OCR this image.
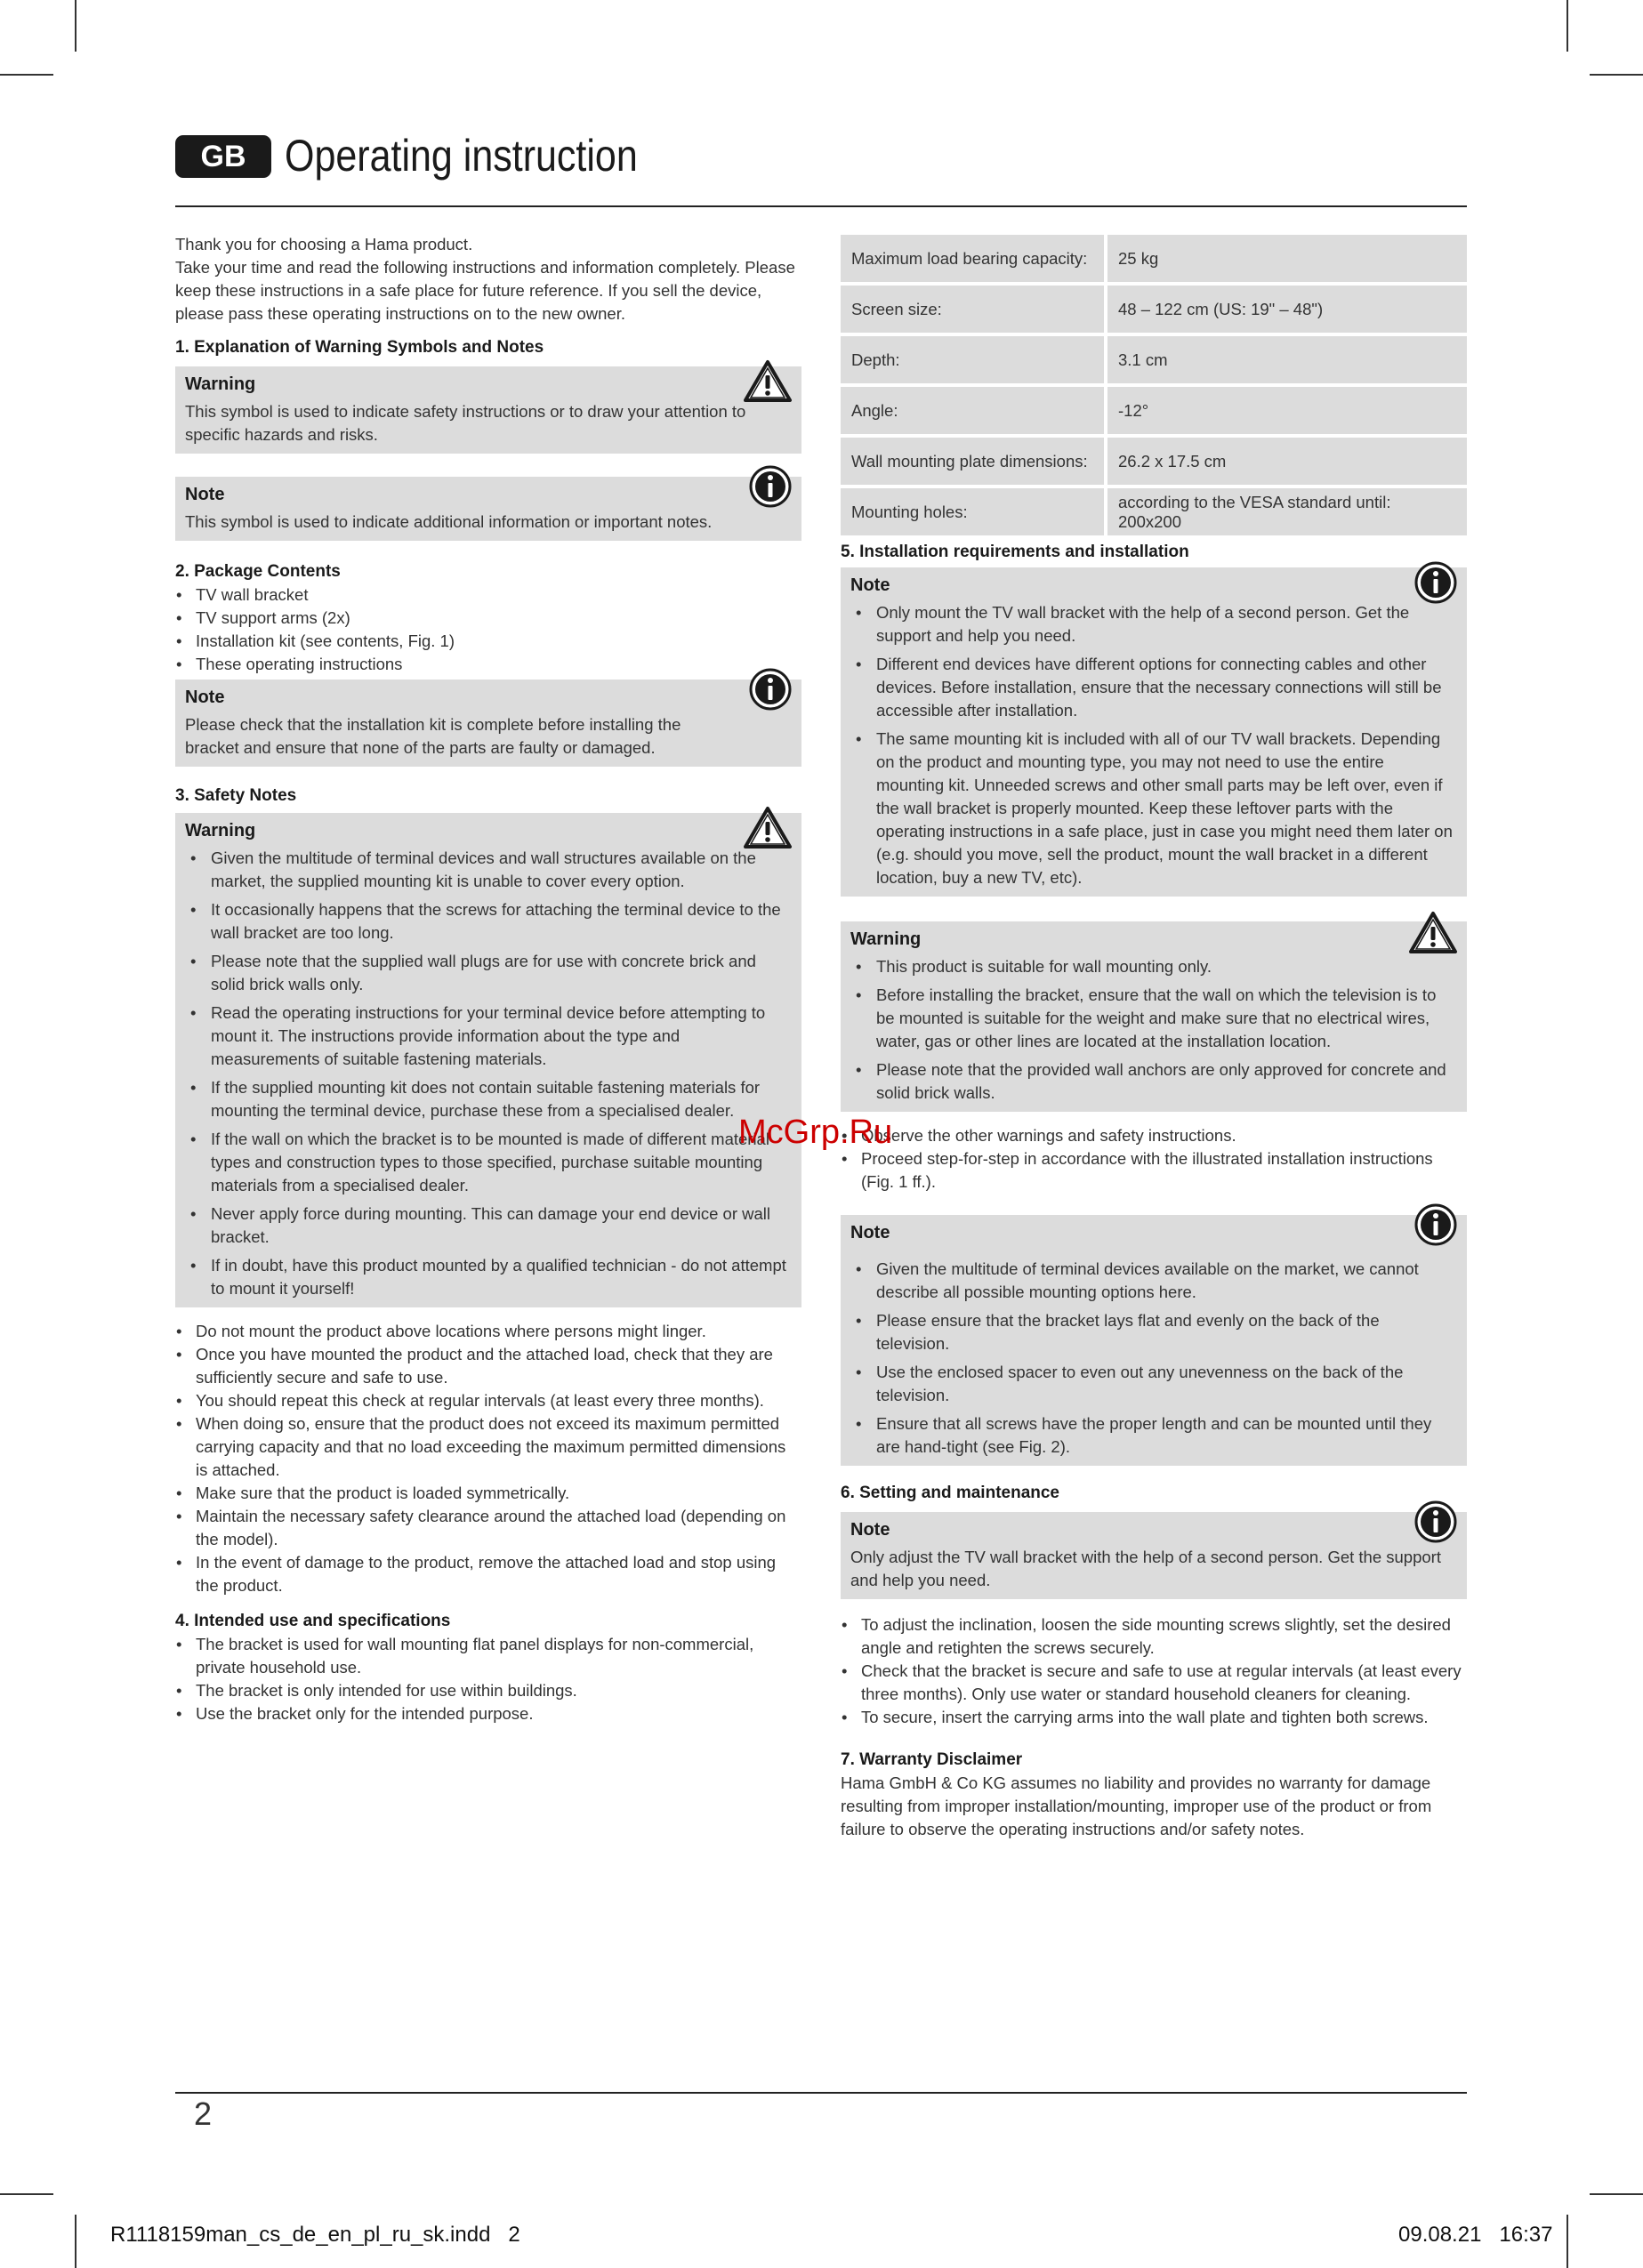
GB Operating instruction

Thank you for choosing a Hama product.

Take your time and read the following instructions and information completely. Please keep these instructions in a safe place for future reference. If you sell the device, please pass these operating instructions on to the new owner.

1. Explanation of Warning Symbols and Notes
Warning

This symbol is used to indicate safety instructions or to draw your attention to specific hazards and risks.

Note

This symbol is used to indicate additional information or important notes.

2. Package Contents
• TV wall bracket
• TV support arms (2x)
• Installation kit (see contents, Fig. 1)
• These operating instructions
Note

Please check that the installation kit is complete before installing the bracket and ensure that none of the parts are faulty or damaged.

3. Safety Notes
Warning
• Given the multitude of terminal devices and wall structures available on the market, the supplied mounting kit is unable to cover every option.
• It occasionally happens that the screws for attaching the terminal device to the wall bracket are too long.
• Please note that the supplied wall plugs are for use with concrete brick and solid brick walls only.
• Read the operating instructions for your terminal device before attempting to mount it. The instructions provide information about the type and measurements of suitable fastening materials.
• If the supplied mounting kit does not contain suitable fastening materials for mounting the terminal device, purchase these from a specialised dealer.
• If the wall on which the bracket is to be mounted is made of different material types and construction types to those specified, purchase suitable mounting materials from a specialised dealer.
• Never apply force during mounting. This can damage your end device or wall bracket.
• If in doubt, have this product mounted by a qualified technician - do not attempt to mount it yourself!
• Do not mount the product above locations where persons might linger.
• Once you have mounted the product and the attached load, check that they are sufficiently secure and safe to use.
• You should repeat this check at regular intervals (at least every three months).
• When doing so, ensure that the product does not exceed its maximum permitted carrying capacity and that no load exceeding the maximum permitted dimensions is attached.
• Make sure that the product is loaded symmetrically.
• Maintain the necessary safety clearance around the attached load (depending on the model).
• In the event of damage to the product, remove the attached load and stop using the product.
4. Intended use and specifications
• The bracket is used for wall mounting flat panel displays for non-commercial, private household use.
• The bracket is only intended for use within buildings.
• Use the bracket only for the intended purpose.
Maximum load bearing capacity:	25 kg
Screen size:	48 – 122 cm (US: 19" – 48")
Depth:	3.1 cm
Angle:	-12°
Wall mounting plate dimensions:	26.2 x 17.5 cm
Mounting holes:	according to the VESA standard until: 200x200
5. Installation requirements and installation
Note
• Only mount the TV wall bracket with the help of a second person. Get the support and help you need.
• Different end devices have different options for connecting cables and other devices. Before installation, ensure that the necessary connections will still be accessible after installation.
• The same mounting kit is included with all of our TV wall brackets. Depending on the product and mounting type, you may not need to use the entire mounting kit. Unneeded screws and other small parts may be left over, even if the wall bracket is properly mounted. Keep these leftover parts with the operating instructions in a safe place, just in case you might need them later on (e.g. should you move, sell the product, mount the wall bracket in a different location, buy a new TV, etc).
Warning
• This product is suitable for wall mounting only.
• Before installing the bracket, ensure that the wall on which the television is to be mounted is suitable for the weight and make sure that no electrical wires, water, gas or other lines are located at the installation location.
• Please note that the provided wall anchors are only approved for concrete and solid brick walls.
• Observe the other warnings and safety instructions.
• Proceed step-for-step in accordance with the illustrated installation instructions (Fig. 1 ff.).
Note
• Given the multitude of terminal devices available on the market, we cannot describe all possible mounting options here.
• Please ensure that the bracket lays flat and evenly on the back of the television.
• Use the enclosed spacer to even out any unevenness on the back of the television.
• Ensure that all screws have the proper length and can be mounted until they are hand-tight (see Fig. 2).
6. Setting and maintenance
Note

Only adjust the TV wall bracket with the help of a second person. Get the support and help you need.

• To adjust the inclination, loosen the side mounting screws slightly, set the desired angle and retighten the screws securely.
• Check that the bracket is secure and safe to use at regular intervals (at least every three months). Only use water or standard household cleaners for cleaning.
• To secure, insert the carrying arms into the wall plate and tighten both screws.
7. Warranty Disclaimer

Hama GmbH & Co KG assumes no liability and provides no warranty for damage resulting from improper installation/mounting, improper use of the product or from failure to observe the operating instructions and/or safety notes.

McGrp.Ru
2
R1118159man_cs_de_en_pl_ru_sk.indd   2	09.08.21   16:37
